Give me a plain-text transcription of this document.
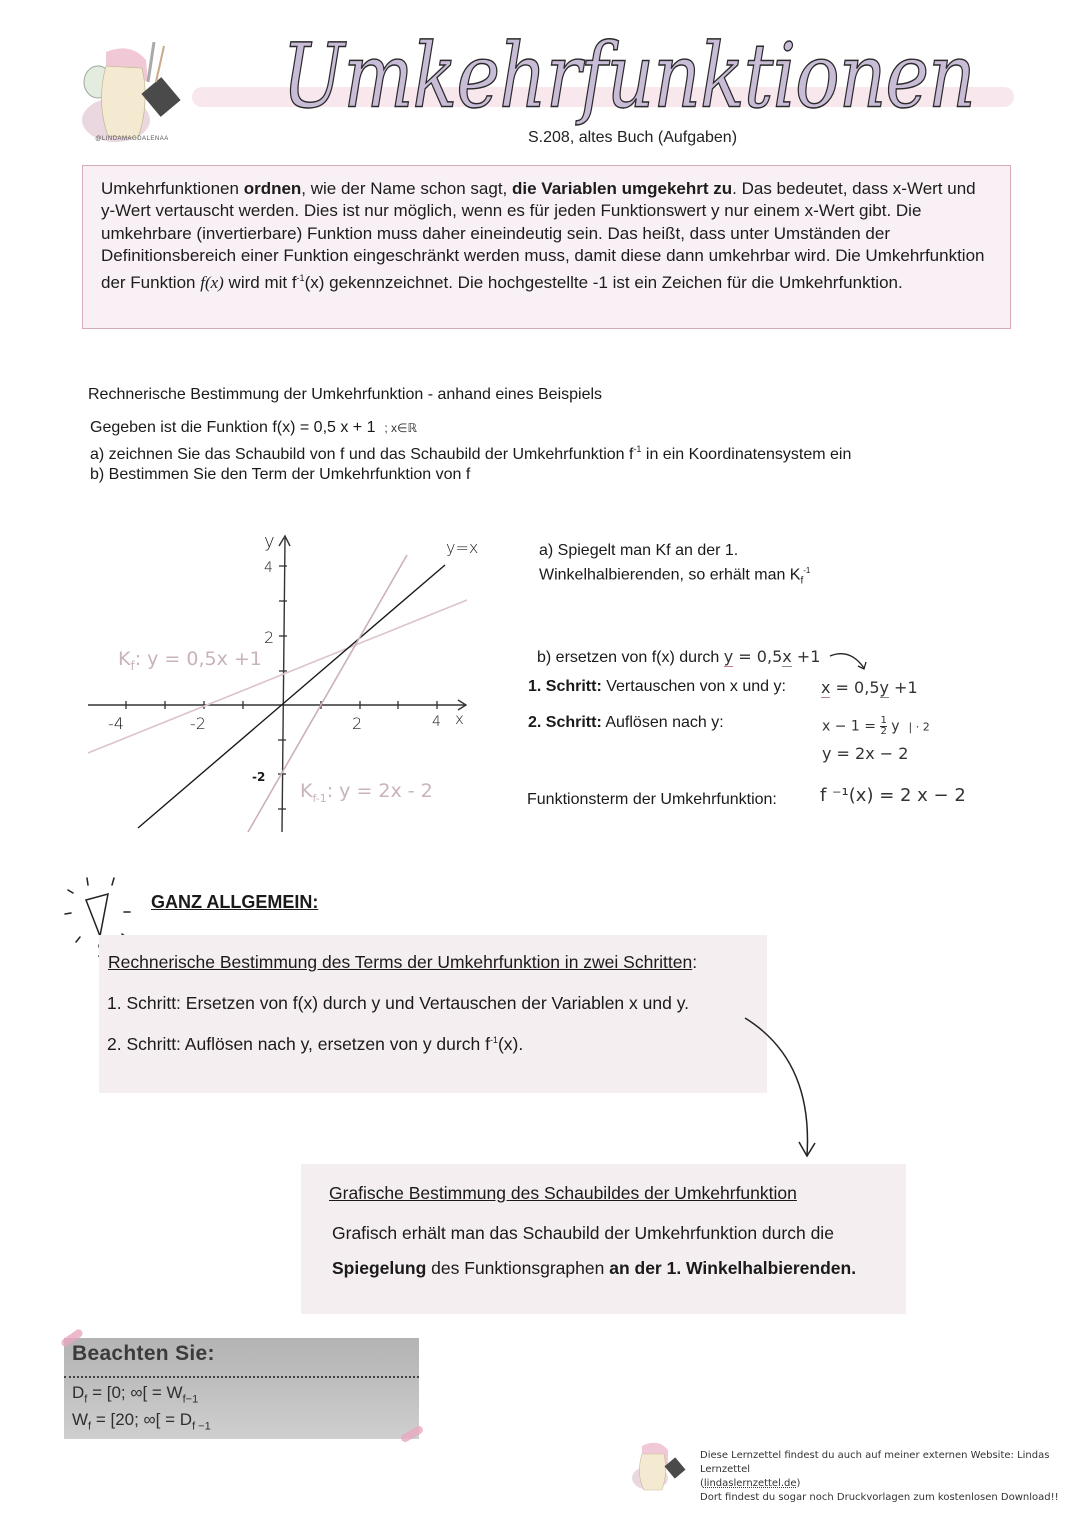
@LINDAMAGDALENAA
Umkehrfunktionen
S.208, altes Buch (Aufgaben)

Umkehrfunktionen ordnen, wie der Name schon sagt, die Variablen umgekehrt zu. Das bedeutet, dass x-Wert und y-Wert vertauscht werden. Dies ist nur möglich, wenn es für jeden Funktionswert y nur einem x-Wert gibt. Die umkehrbare (invertierbare) Funktion muss daher eineindeutig sein. Das heißt, dass unter Umständen der Definitionsbereich einer Funktion eingeschränkt werden muss, damit diese dann umkehrbar wird. Die Umkehrfunktion der Funktion f(x) wird mit $f^{-1}(x)$ gekennzeichnet. Die hochgestellte -1 ist ein Zeichen für die Umkehrfunktion.

Rechnerische Bestimmung der Umkehrfunktion - anhand eines Beispiels
Gegeben ist die Funktion f(x) = 0,5 x + 1 ; x∈ℝ
a) zeichnen Sie das Schaubild von f und das Schaubild der Umkehrfunktion $f^{-1}$ in ein Koordinatensystem ein
b) Bestimmen Sie den Term der Umkehrfunktion von f
y
x
y=x
4
2
-2
-4	-2	2	4
$K_f$: y = 0,5x +1
$K_{f-1}$: y = 2x - 2
a) Spiegelt man Kf an der 1.
Winkelhalbierenden, so erhält man $K_f^{-1}$
b) ersetzen von f(x) durch y = 0,5x +1
1. Schritt: Vertauschen von x und y: x = 0,5y +1
2. Schritt: Auflösen nach y:	$x - 1 = \frac{1}{2}$ y | · 2
y = 2x − 2
Funktionsterm der Umkehrfunktion: f ⁻¹(x) = 2 x − 2
GANZ ALLGEMEIN:
Rechnerische Bestimmung des Terms der Umkehrfunktion in zwei Schritten:
1. Schritt: Ersetzen von f(x) durch y und Vertauschen der Variablen x und y.
2. Schritt: Auflösen nach y, ersetzen von y durch $f^{-1}(x)$.
Grafische Bestimmung des Schaubildes der Umkehrfunktion
Grafisch erhält man das Schaubild der Umkehrfunktion durch die
Spiegelung des Funktionsgraphen an der 1. Winkelhalbierenden.
Beachten Sie:
$D_f = [0$; ∞[ = $W_{f-1}$
$W_f = [20$; ∞[ = $D_{f -1}$
Diese Lernzettel findest du auch auf meiner externen Website: Lindas Lernzettel
(lindaslernzettel.de)
Dort findest du sogar noch Druckvorlagen zum kostenlosen Download!!
